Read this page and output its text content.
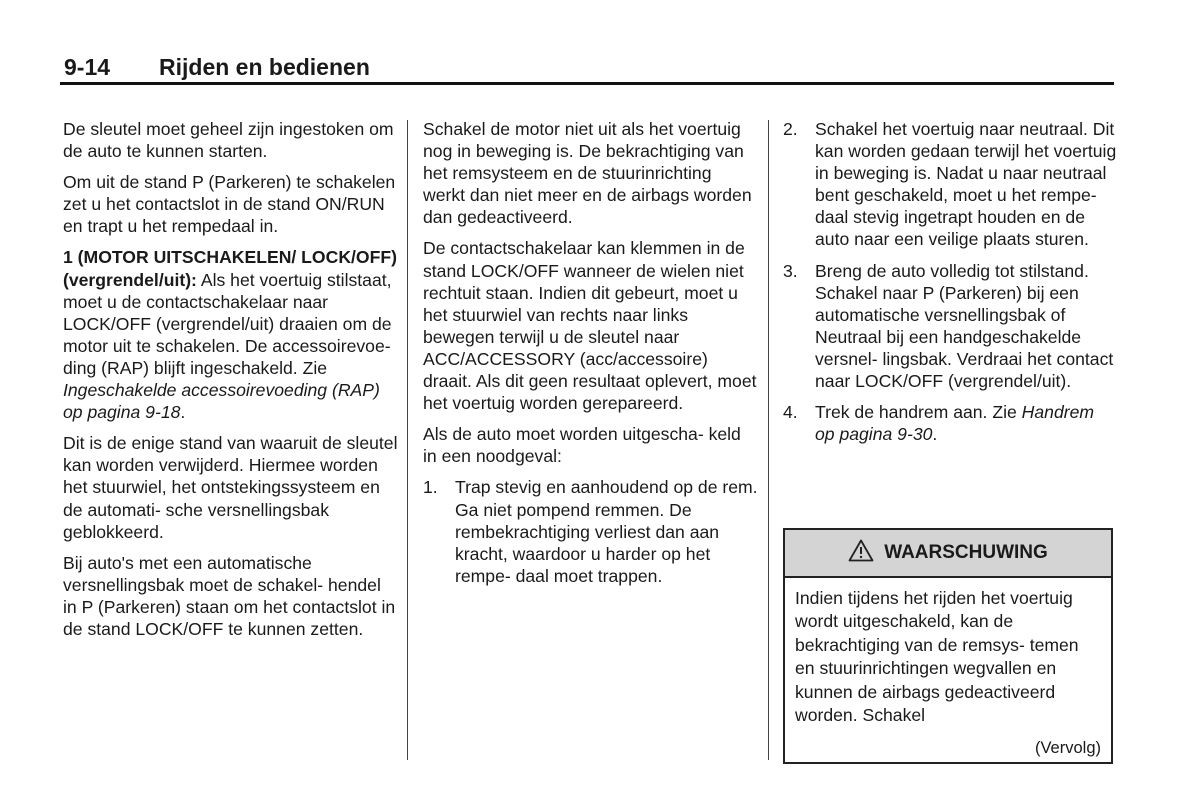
9-14 Rijden en bedienen

De sleutel moet geheel zijn ingestoken om de auto te kunnen starten.

Om uit de stand P (Parkeren) te schakelen zet u het contactslot in de stand ON/RUN en trapt u het rempedaal in.

1 (MOTOR UITSCHAKELEN/ LOCK/OFF) (vergrendel/uit): Als het voertuig stilstaat, moet u de contactschakelaar naar LOCK/OFF (vergrendel/uit) draaien om de motor uit te schakelen. De accessoirevoe- ding (RAP) blijft ingeschakeld. Zie Ingeschakelde accessoirevoeding (RAP) op pagina 9-18.

Dit is de enige stand van waaruit de sleutel kan worden verwijderd. Hiermee worden het stuurwiel, het ontstekingssysteem en de automati- sche versnellingsbak geblokkeerd.

Bij auto's met een automatische versnellingsbak moet de schakel- hendel in P (Parkeren) staan om het contactslot in de stand LOCK/OFF te kunnen zetten.

Schakel de motor niet uit als het voertuig nog in beweging is. De bekrachtiging van het remsysteem en de stuurinrichting werkt dan niet meer en de airbags worden dan gedeactiveerd.

De contactschakelaar kan klemmen in de stand LOCK/OFF wanneer de wielen niet rechtuit staan. Indien dit gebeurt, moet u het stuurwiel van rechts naar links bewegen terwijl u de sleutel naar ACC/ACCESSORY (acc/accessoire) draait. Als dit geen resultaat oplevert, moet het voertuig worden gerepareerd.

Als de auto moet worden uitgescha- keld in een noodgeval:

1. Trap stevig en aanhoudend op de rem. Ga niet pompend remmen. De rembekrachtiging verliest dan aan kracht, waardoor u harder op het rempe- daal moet trappen.
2. Schakel het voertuig naar neutraal. Dit kan worden gedaan terwijl het voertuig in beweging is. Nadat u naar neutraal bent geschakeld, moet u het rempe- daal stevig ingetrapt houden en de auto naar een veilige plaats sturen.
3. Breng de auto volledig tot stilstand. Schakel naar P (Parkeren) bij een automatische versnellingsbak of Neutraal bij een handgeschakelde versnel- lingsbak. Verdraai het contact naar LOCK/OFF (vergrendel/uit).
4. Trek de handrem aan. Zie Handrem op pagina 9-30.
WAARSCHUWING
Indien tijdens het rijden het voertuig wordt uitgeschakeld, kan de bekrachtiging van de remsys- temen en stuurinrichtingen wegvallen en kunnen de airbags gedeactiveerd worden. Schakel
(Vervolg)
